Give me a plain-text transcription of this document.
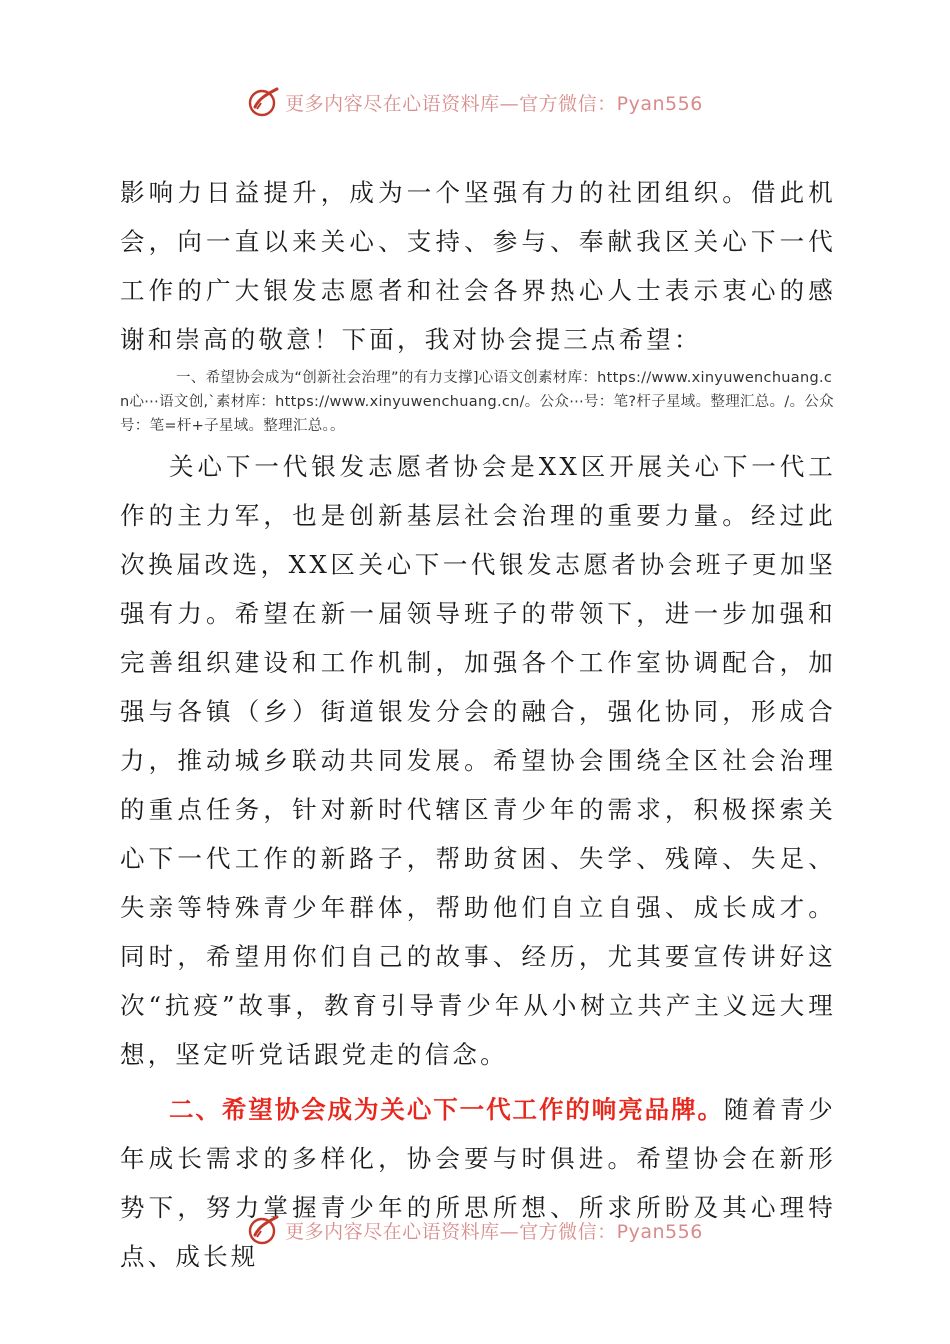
更多内容尽在心语资料库—官方微信：Pyan556

影响力日益提升，成为一个坚强有力的社团组织。借此机会，向一直以来关心、支持、参与、奉献我区关心下一代工作的广大银发志愿者和社会各界热心人士表示衷心的感谢和崇高的敬意！下面，我对协会提三点希望：

一、希望协会成为“创新社会治理”的有力支撑]心语文创素材库：https://www.xinyuwenchuang.cn心⋯语文创,`素材库：https://www.xinyuwenchuang.cn/。公众⋯号：笔?杆子星域。整理汇总。/。公众号：笔=杆+子星域。整理汇总。。

关心下一代银发志愿者协会是XX区开展关心下一代工作的主力军，也是创新基层社会治理的重要力量。经过此次换届改选，XX区关心下一代银发志愿者协会班子更加坚强有力。希望在新一届领导班子的带领下，进一步加强和完善组织建设和工作机制，加强各个工作室协调配合，加强与各镇（乡）街道银发分会的融合，强化协同，形成合力，推动城乡联动共同发展。希望协会围绕全区社会治理的重点任务，针对新时代辖区青少年的需求，积极探索关心下一代工作的新路子，帮助贫困、失学、残障、失足、失亲等特殊青少年群体，帮助他们自立自强、成长成才。同时，希望用你们自己的故事、经历，尤其要宣传讲好这次“抗疫”故事，教育引导青少年从小树立共产主义远大理想，坚定听党话跟党走的信念。

二、希望协会成为关心下一代工作的响亮品牌。随着青少年成长需求的多样化，协会要与时俱进。希望协会在新形势下，努力掌握青少年的所思所想、所求所盼及其心理特点、成长规

更多内容尽在心语资料库—官方微信：Pyan556
